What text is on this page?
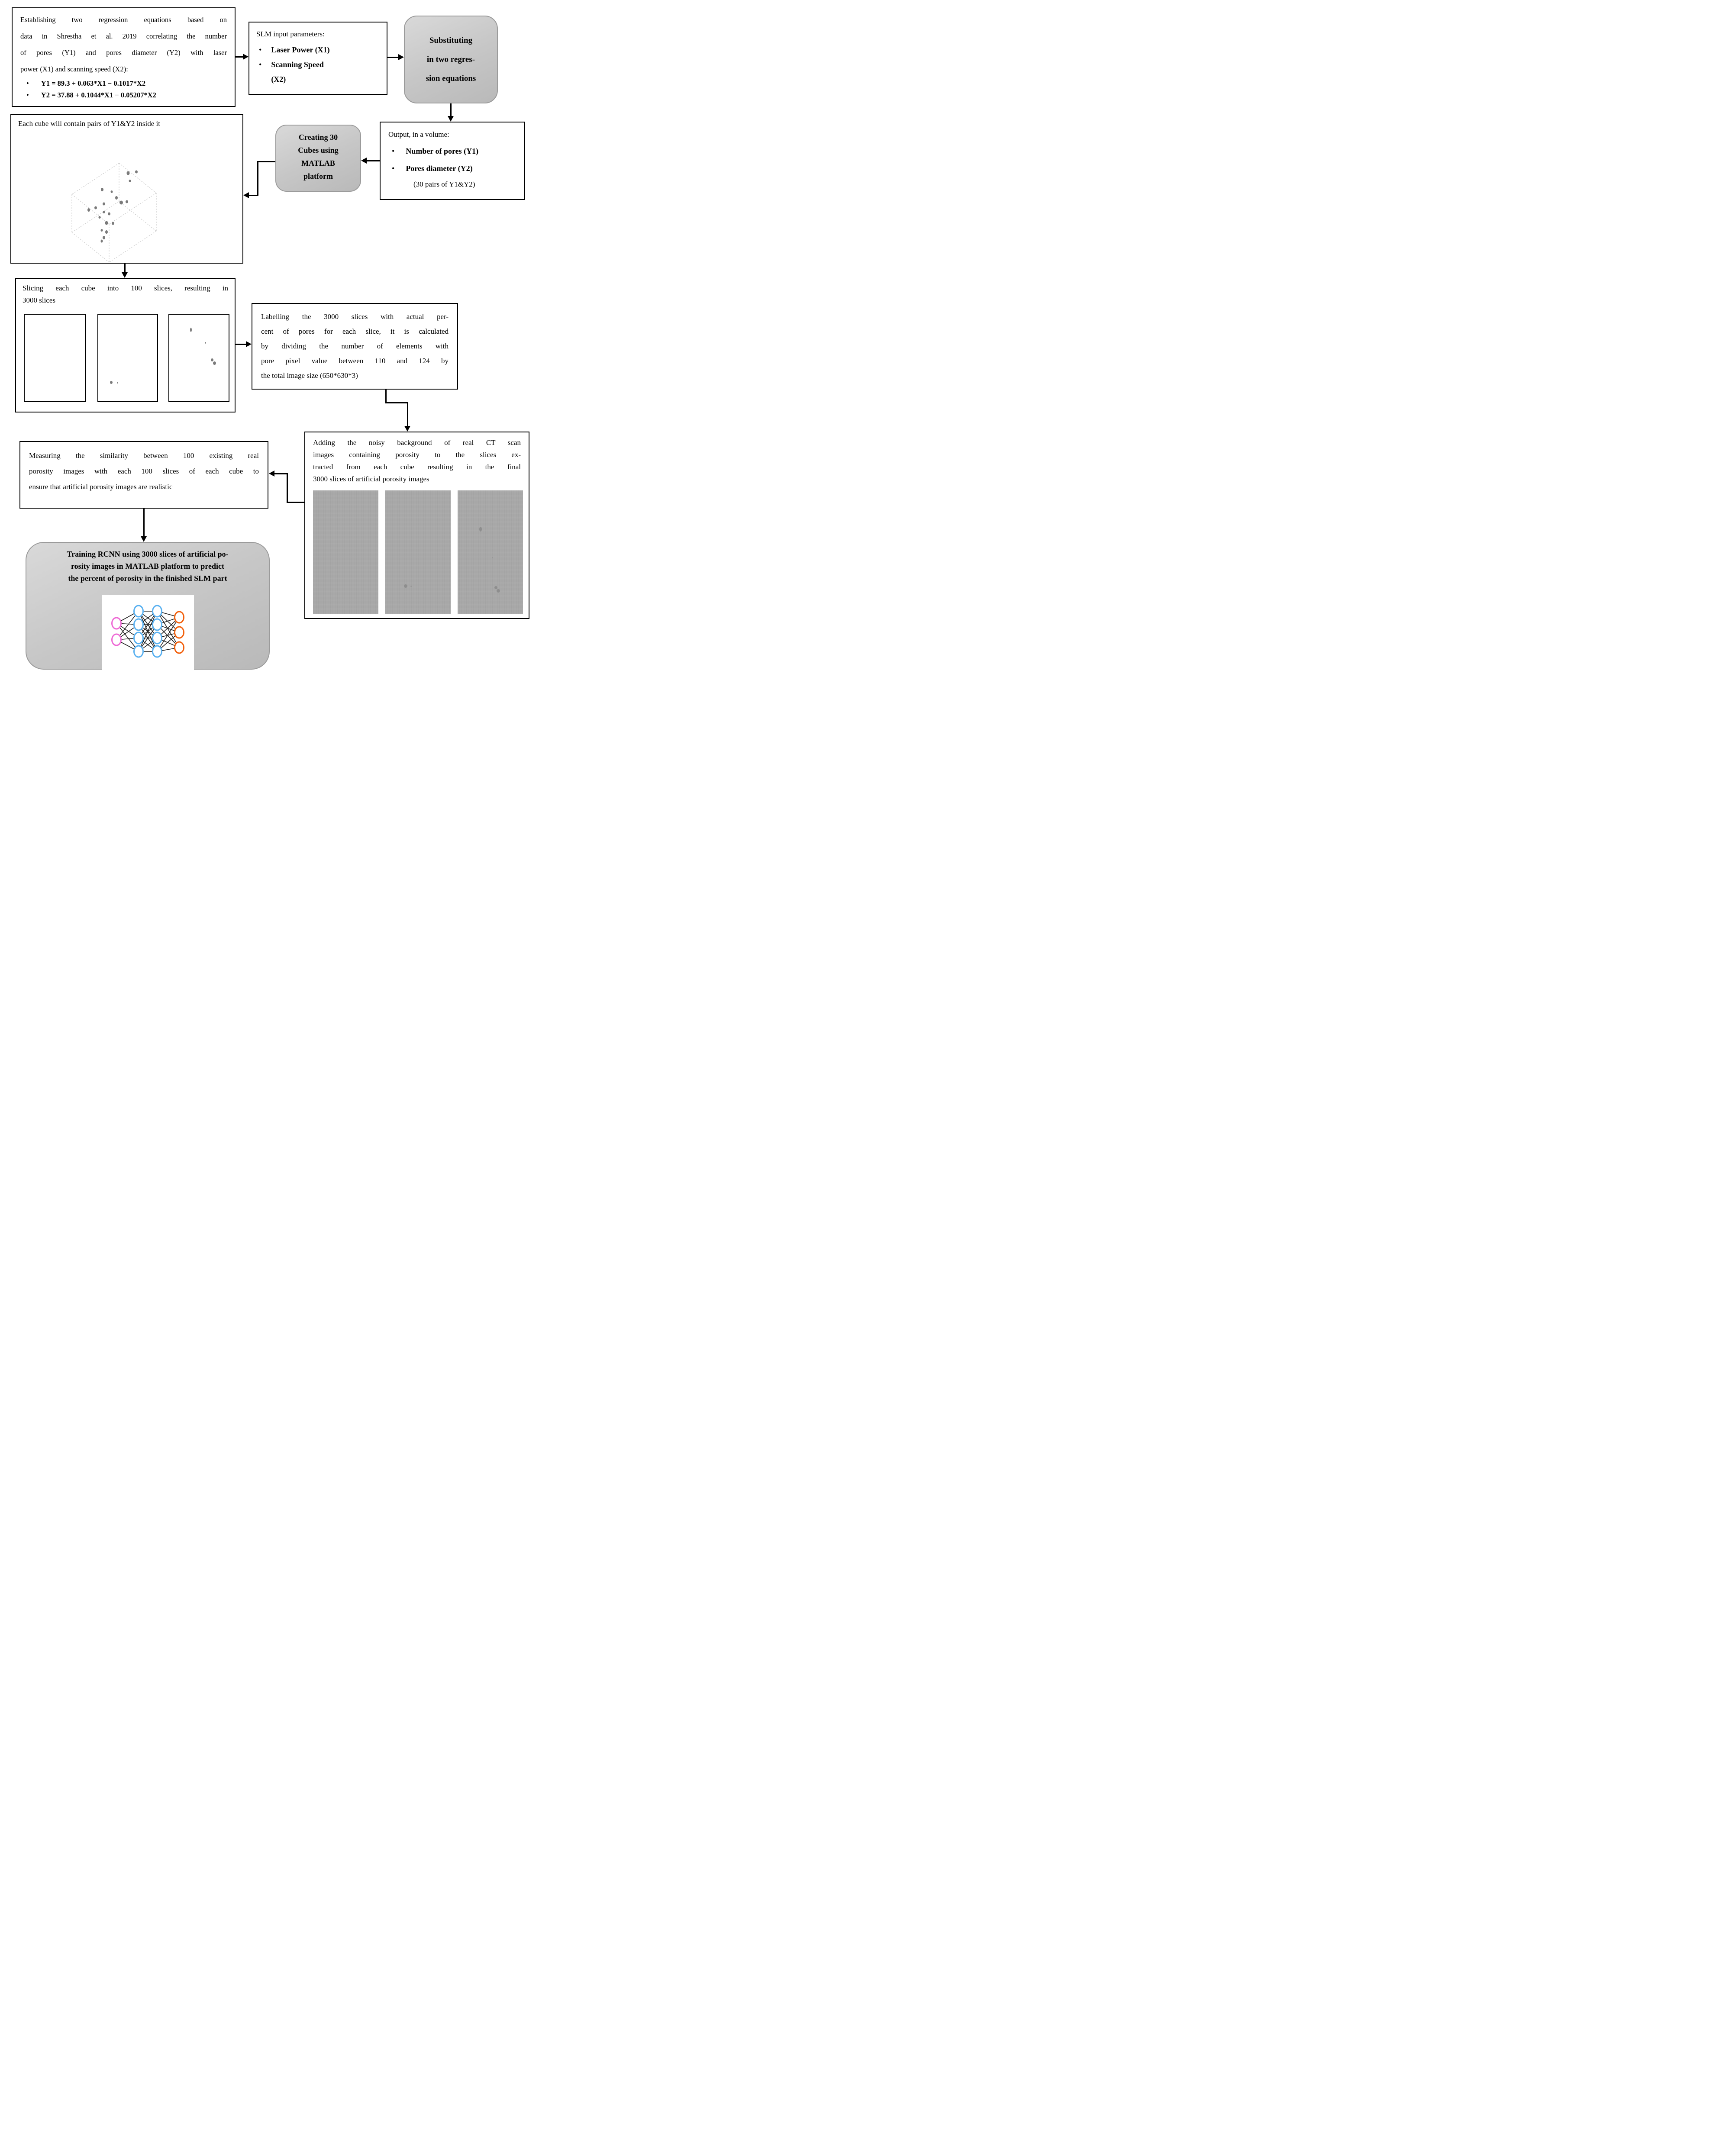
Establishing two regression equations based on
data in Shrestha et al. 2019 correlating the number
of pores (Y1) and pores diameter (Y2) with laser
power (X1) and scanning speed (X2):
• Y1 = 89.3 + 0.063*X1 − 0.1017*X2
• Y2 = 37.88 + 0.1044*X1 − 0.05207*X2
SLM input parameters:
• Laser Power (X1)
• Scanning Speed (X2)
Substituting
in two regres-
sion equations
Output, in a volume:
• Number of pores (Y1)
• Pores diameter (Y2)
(30 pairs of Y1&Y2)
Creating 30
Cubes using
MATLAB
platform
Each cube will contain pairs of Y1&Y2 inside it
Slicing each cube into 100 slices, resulting in
3000 slices
Labelling the 3000 slices with actual per-
cent of pores for each slice, it is calculated
by dividing the number of elements with
pore pixel value between 110 and 124 by
the total image size (650*630*3)
Adding the noisy background of real CT scan
images containing porosity to the slices ex-
tracted from each cube resulting in the final
3000 slices of artificial porosity images
Measuring the similarity between 100 existing real
porosity images with each 100 slices of each cube to
ensure that artificial porosity images are realistic
Training RCNN using 3000 slices of artificial po-
rosity images in MATLAB platform to predict
the percent of porosity in the finished SLM part
